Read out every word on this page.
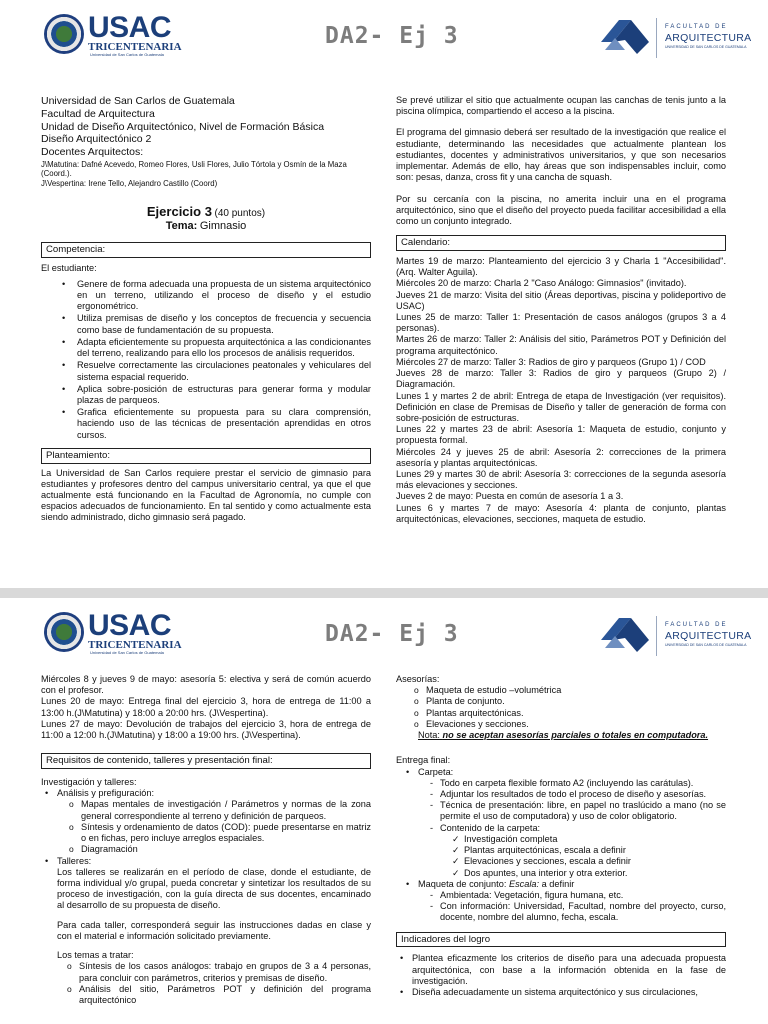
USAC
TRICENTENARIA
Universidad de San Carlos de Guatemala
DA2- Ej 3	FACULTAD DE
ARQUITECTURA
UNIVERSIDAD DE SAN CARLOS DE GUATEMALA
Universidad de San Carlos de Guatemala
Facultad de Arquitectura
Unidad de Diseño Arquitectónico, Nivel de Formación Básica
Diseño Arquitectónico 2
Docentes Arquitectos:
J\Matutina: Dafné Acevedo, Romeo Flores, Usli Flores, Julio Tórtola y Osmín de la Maza (Coord.).
J\Vespertina: Irene Tello, Alejandro Castillo (Coord)
Ejercicio 3 (40 puntos)
Tema: Gimnasio
Competencia:

El estudiante:

• Genere de forma adecuada una propuesta de un sistema arquitectónico en un terreno, utilizando el proceso de diseño y el estudio ergonométrico.
• Utiliza premisas de diseño y los conceptos de frecuencia y secuencia como base de fundamentación de su propuesta.
• Adapta eficientemente su propuesta arquitectónica a las condicionantes del terreno, realizando para ello los procesos de análisis requeridos.
• Resuelve correctamente las circulaciones peatonales y vehiculares del sistema espacial requerido.
• Aplica sobre-posición de estructuras para generar forma y modular plazas de parqueos.
• Grafica eficientemente su propuesta para su clara comprensión, haciendo uso de las técnicas de presentación aprendidas en otros cursos.
Planteamiento:

La Universidad de San Carlos requiere prestar el servicio de gimnasio para estudiantes y profesores dentro del campus universitario central, ya que el que actualmente está funcionando en la Facultad de Agronomía, no cumple con espacios adecuados de funcionamiento. En tal sentido y como actualmente esta siendo administrado, dicho gimnasio será pagado.

Se prevé utilizar el sitio que actualmente ocupan las canchas de tenis junto a la piscina olímpica, compartiendo el acceso a la piscina.

El programa del gimnasio deberá ser resultado de la investigación que realice el estudiante, determinando las necesidades que actualmente plantean los estudiantes, docentes y administrativos universitarios, y que son necesarios implementar. Además de ello, hay áreas que son indispensables incluir, como son: pesas, danza, cross fit y una cancha de squash.

Por su cercanía con la piscina, no amerita incluir una en el programa arquitectónico, sino que el diseño del proyecto pueda facilitar accesibilidad a ella como un conjunto integrado.

Calendario:
Martes 19 de marzo: Planteamiento del ejercicio 3 y Charla 1 "Accesibilidad". (Arq. Walter Aguila).
Miércoles 20 de marzo: Charla 2 "Caso Análogo: Gimnasios" (invitado).
Jueves 21 de marzo: Visita del sitio (Áreas deportivas, piscina y polideportivo de USAC)
Lunes 25 de marzo: Taller 1: Presentación de casos análogos (grupos 3 a 4 personas).
Martes 26 de marzo: Taller 2: Análisis del sitio, Parámetros POT y Definición del programa arquitectónico.
Miércoles 27 de marzo: Taller 3: Radios de giro y parqueos (Grupo 1) / COD
Jueves 28 de marzo: Taller 3: Radios de giro y parqueos (Grupo 2) / Diagramación.
Lunes 1 y martes 2 de abril: Entrega de etapa de Investigación (ver requisitos). Definición en clase de Premisas de Diseño y taller de generación de forma con sobre-posición de estructuras.
Lunes 22 y martes 23 de abril: Asesoría 1: Maqueta de estudio, conjunto y propuesta formal.
Miércoles 24 y jueves 25 de abril: Asesoría 2: correcciones de la primera asesoría y plantas arquitectónicas.
Lunes 29 y martes 30 de abril: Asesoría 3: correcciones de la segunda asesoría más elevaciones y secciones.
Jueves 2 de mayo: Puesta en común de asesoría 1 a 3.
Lunes 6 y martes 7 de mayo: Asesoría 4: planta de conjunto, plantas arquitectónicas, elevaciones, secciones, maqueta de estudio.
USAC
TRICENTENARIA
Universidad de San Carlos de Guatemala
DA2- Ej 3	FACULTAD DE
ARQUITECTURA
UNIVERSIDAD DE SAN CARLOS DE GUATEMALA
Miércoles 8 y jueves 9 de mayo: asesoría 5: electiva y será de común acuerdo con el profesor.
Lunes 20 de mayo: Entrega final del ejercicio 3, hora de entrega de 11:00 a 13:00 h.(J\Matutina) y 18:00 a 20:00 hrs. (J\Vespertina).
Lunes 27 de mayo: Devolución de trabajos del ejercicio 3, hora de entrega de 11:00 a 12:00 h.(J\Matutina) y 18:00 a 19:00 hrs. (J\Vespertina).
Requisitos de contenido, talleres y presentación final:
Investigación y talleres:
• Análisis y prefiguración:
o Mapas mentales de investigación / Parámetros y normas de la zona general correspondiente al terreno y definición de parqueos.
o Síntesis y ordenamiento de datos (COD): puede presentarse en matriz o en fichas, pero incluye arreglos espaciales.
o Diagramación
• Talleres:

Los talleres se realizarán en el período de clase, donde el estudiante, de forma individual y/o grupal, pueda concretar y sintetizar los resultados de su proceso de investigación, con la guía directa de sus docentes, encaminado al desarrollo de su propuesta de diseño.

Para cada taller, corresponderá seguir las instrucciones dadas en clase y con el material e información solicitado previamente.

Los temas a tratar:
o Síntesis de los casos análogos: trabajo en grupos de 3 a 4 personas, para concluir con parámetros, criterios y premisas de diseño.
o Análisis del sitio, Parámetros POT y definición del programa arquitectónico
Asesorías:
o Maqueta de estudio –volumétrica
o Planta de conjunto.
o Plantas arquitectónicas.
o Elevaciones y secciones.
Nota: no se aceptan asesorías parciales o totales en computadora.
Entrega final:
• Carpeta:
- Todo en carpeta flexible formato A2 (incluyendo las carátulas).
- Adjuntar los resultados de todo el proceso de diseño y asesorías.
- Técnica de presentación: libre, en papel no traslúcido a mano (no se permite el uso de computadora) y uso de color obligatorio.
- Contenido de la carpeta:
✓ Investigación completa
✓ Plantas arquitectónicas, escala a definir
✓ Elevaciones y secciones, escala a definir
✓ Dos apuntes, una interior y otra exterior.
• Maqueta de conjunto: Escala: a definir
- Ambientada: Vegetación, figura humana, etc.
- Con información: Universidad, Facultad, nombre del proyecto, curso, docente, nombre del alumno, fecha, escala.
Indicadores del logro
• Plantea eficazmente los criterios de diseño para una adecuada propuesta arquitectónica, con base a la información obtenida en la fase de investigación.
• Diseña adecuadamente un sistema arquitectónico y sus circulaciones,
